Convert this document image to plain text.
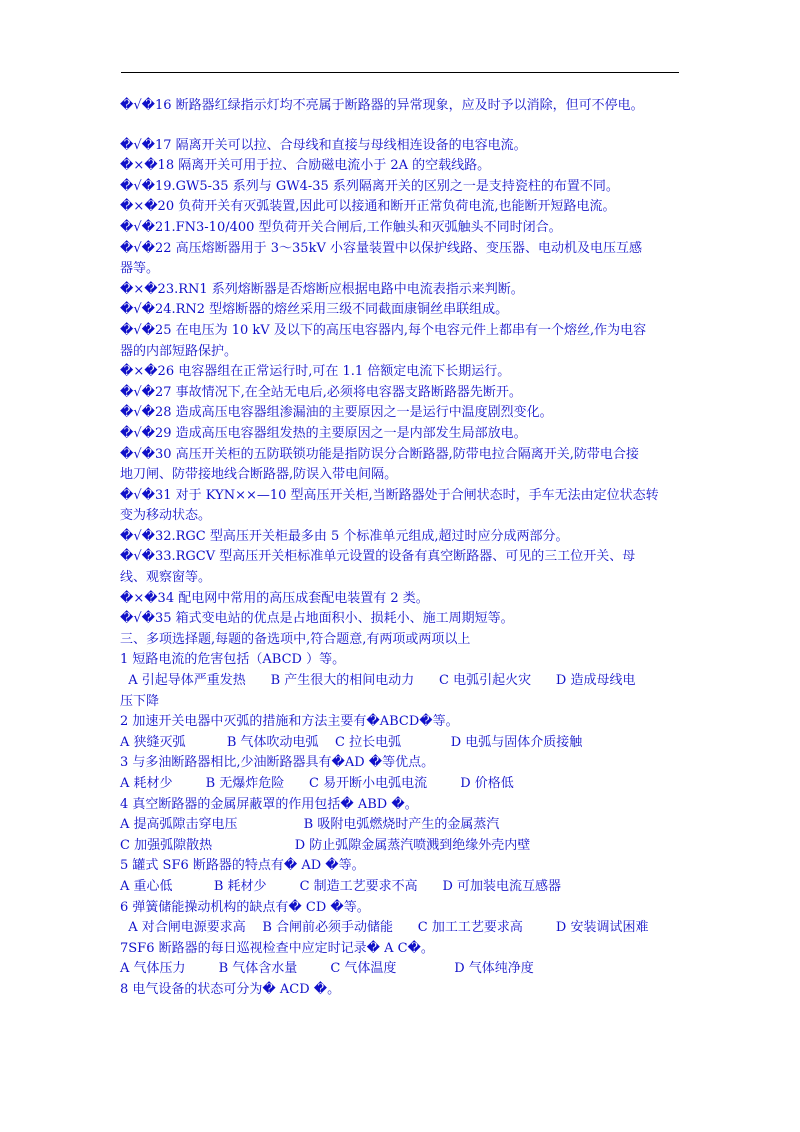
�√�16 断路器红绿指示灯均不亮属于断路器的异常现象，应及时予以消除，但可不停电。
�√�17 隔离开关可以拉、合母线和直接与母线相连设备的电容电流。
�×�18 隔离开关可用于拉、合励磁电流小于 2A 的空载线路。
�√�19.GW5-35 系列与 GW4-35 系列隔离开关的区别之一是支持瓷柱的布置不同。
�×�20 负荷开关有灭弧装置,因此可以接通和断开正常负荷电流,也能断开短路电流。
�√�21.FN3-10/400 型负荷开关合闸后,工作触头和灭弧触头不同时闭合。
�√�22 高压熔断器用于 3～35kV 小容量装置中以保护线路、变压器、电动机及电压互感
器等。
�×�23.RN1 系列熔断器是否熔断应根据电路中电流表指示来判断。
�√�24.RN2 型熔断器的熔丝采用三级不同截面康铜丝串联组成。
�√�25 在电压为 10 kV 及以下的高压电容器内,每个电容元件上都串有一个熔丝,作为电容
器的内部短路保护。
�×�26 电容器组在正常运行时,可在 1.1 倍额定电流下长期运行。
�√�27 事故情况下,在全站无电后,必须将电容器支路断路器先断开。
�√�28 造成高压电容器组渗漏油的主要原因之一是运行中温度剧烈变化。
�√�29 造成高压电容器组发热的主要原因之一是内部发生局部放电。
�√�30 高压开关柜的五防联锁功能是指防误分合断路器,防带电拉合隔离开关,防带电合接
地刀闸、防带接地线合断路器,防误入带电间隔。
�√�31 对于 KYN××—10 型高压开关柜,当断路器处于合闸状态时，手车无法由定位状态转
变为移动状态。
�√�32.RGC 型高压开关柜最多由 5 个标准单元组成,超过时应分成两部分。
�√�33.RGCV 型高压开关柜标准单元设置的设备有真空断路器、可见的三工位开关、母
线、观察窗等。
�×�34 配电网中常用的高压成套配电装置有 2 类。
�√�35 箱式变电站的优点是占地面积小、损耗小、施工周期短等。
三、多项选择题,每题的备选项中,符合题意,有两项或两项以上
1 短路电流的危害包括（ABCD ）等。
A 引起导体严重发热      B 产生很大的相间电动力      C 电弧引起火灾      D 造成母线电
压下降
2 加速开关电器中灭弧的措施和方法主要有�ABCD�等。
A 狭缝灭弧          B 气体吹动电弧    C 拉长电弧            D 电弧与固体介质接触
3 与多油断路器相比,少油断路器具有�AD �等优点。
A 耗材少        B 无爆炸危险      C 易开断小电弧电流        D 价格低
4 真空断路器的金属屏蔽罩的作用包括� ABD �。
A 提高弧隙击穿电压                B 吸附电弧燃烧时产生的金属蒸汽
C 加强弧隙散热                    D 防止弧隙金属蒸汽喷溅到绝缘外壳内壁
5 罐式 SF6 断路器的特点有� AD �等。
A 重心低          B 耗材少        C 制造工艺要求不高      D 可加装电流互感器
6 弹簧储能操动机构的缺点有� CD �等。
A 对合闸电源要求高    B 合闸前必须手动储能      C 加工工艺要求高        D 安装调试困难
7SF6 断路器的每日巡视检查中应定时记录� A C�。
A 气体压力        B 气体含水量        C 气体温度              D 气体纯净度
8 电气设备的状态可分为� ACD �。
